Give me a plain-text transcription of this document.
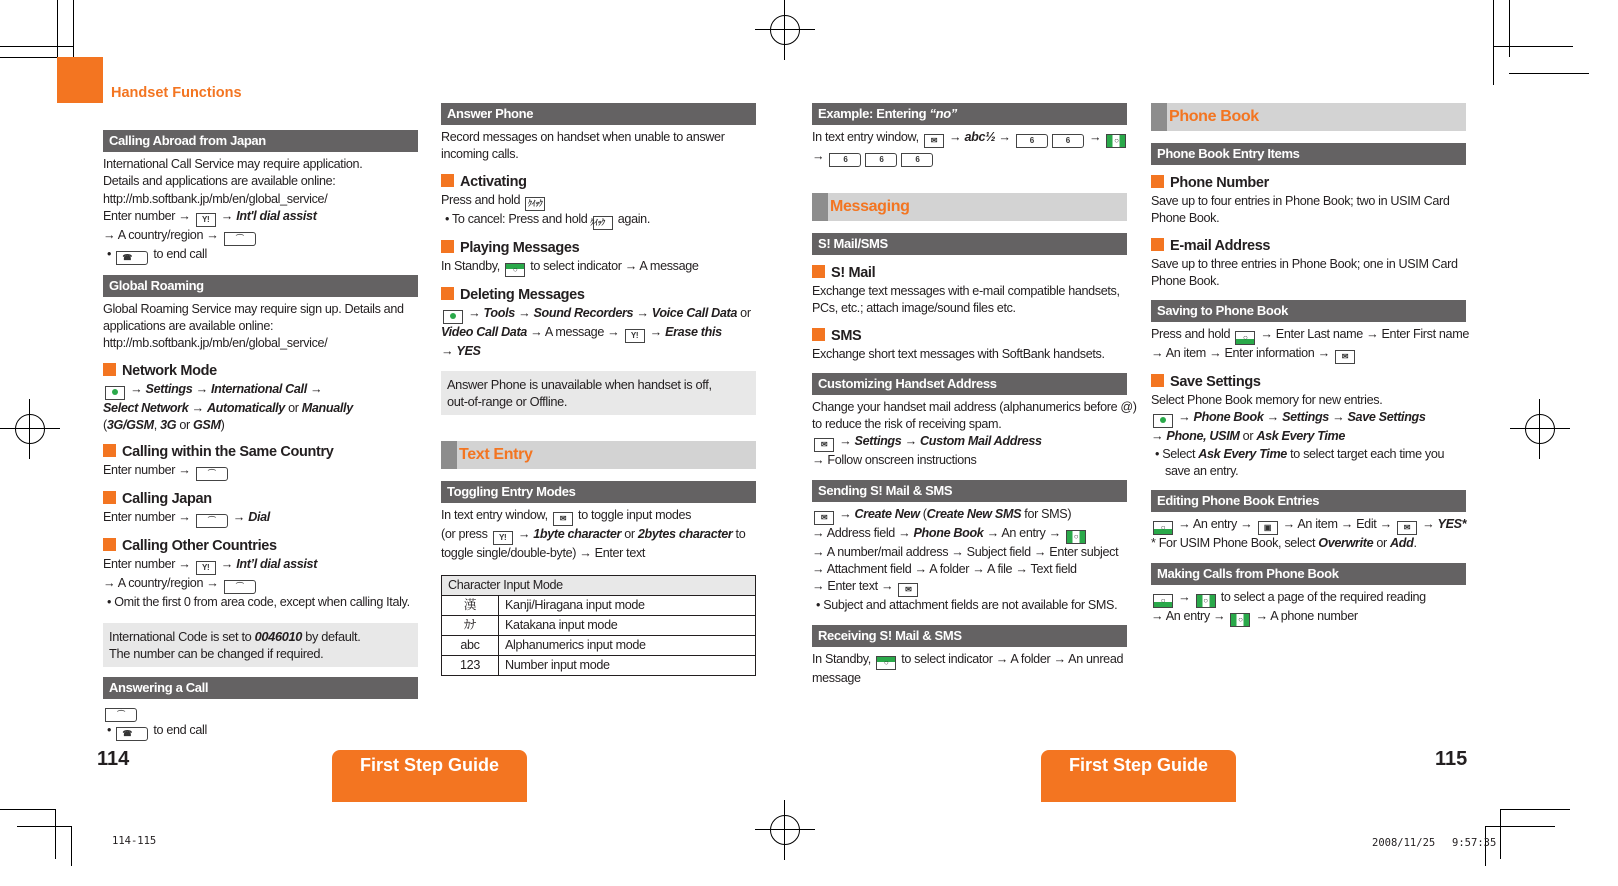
Handset Functions
Calling Abroad from Japan
International Call Service may require application.
Details and applications are available online:
http://mb.softbank.jp/mb/en/global_service/
Enter number → Y! → Int'l dial assist
→ A country/region → ⌒
• ☎ to end call
Global Roaming
Global Roaming Service may require sign up. Details and
applications are available online:
http://mb.softbank.jp/mb/en/global_service/
Network Mode
→ Settings → International Call →
Select Network → Automatically or Manually
(3G/GSM, 3G or GSM)
Calling within the Same Country
Enter number → ⌒
Calling Japan
Enter number → ⌒ → Dial
Calling Other Countries
Enter number → Y! → Int’l dial assist
→ A country/region → ⌒
• Omit the first 0 from area code, except when calling Italy.
International Code is set to 0046010 by default.
The number can be changed if required.
Answering a Call
⌒
• ☎ to end call
Answer Phone
Record messages on handset when unable to answer
incoming calls.
Activating
Press and hold ｸｲｯｸ
• To cancel: Press and hold ｸｲｯｸ again.
Playing Messages
In Standby, ○ to select indicator → A message
Deleting Messages
→ Tools → Sound Recorders → Voice Call Data or
Video Call Data → A message → Y! → Erase this
→ YES
Answer Phone is unavailable when handset is off,
out-of-range or Offline.
Text Entry
Toggling Entry Modes
In text entry window, ✉ to toggle input modes
(or press Y! → 1byte character or 2bytes character to
toggle single/double-byte) → Enter text
Character Input Mode	
漢	Kanji/Hiragana input mode
ｶﾅ	Katakana input mode
abc	Alphanumerics input mode
123	Number input mode
Example: Entering “no”
In text entry window, ✉ → abc½ → 6	6 → ○
→ 6	6	6
Messaging
S! Mail/SMS
S! Mail
Exchange text messages with e-mail compatible handsets,
PCs, etc.; attach image/sound files etc.
SMS
Exchange short text messages with SoftBank handsets.
Customizing Handset Address
Change your handset mail address (alphanumerics before @)
to reduce the risk of receiving spam.
✉ → Settings → Custom Mail Address
→ Follow onscreen instructions
Sending S! Mail & SMS
✉ → Create New (Create New SMS for SMS)
→ Address field → Phone Book → An entry → ○
→ A number/mail address → Subject field → Enter subject
→ Attachment field → A folder → A file → Text field
→ Enter text → ✉
• Subject and attachment fields are not available for SMS.
Receiving S! Mail & SMS
In Standby, ○ to select indicator → A folder → An unread
message
Phone Book
Phone Book Entry Items
Phone Number
Save up to four entries in Phone Book; two in USIM Card
Phone Book.
E-mail Address
Save up to three entries in Phone Book; one in USIM Card
Phone Book.
Saving to Phone Book
Press and hold ○ → Enter Last name → Enter First name
→ An item → Enter information → ✉
Save Settings
Select Phone Book memory for new entries.
→ Phone Book → Settings → Save Settings
→ Phone, USIM or Ask Every Time
• Select Ask Every Time to select target each time you save an entry.
Editing Phone Book Entries
○ → An entry → ▣ → An item → Edit → ✉ → YES*
* For USIM Phone Book, select Overwrite or Add.
Making Calls from Phone Book
○ → ○ to select a page of the required reading
→ An entry → ○ → A phone number
114	115
First Step Guide	First Step Guide
114-115	2008/11/25　 9:57:35
